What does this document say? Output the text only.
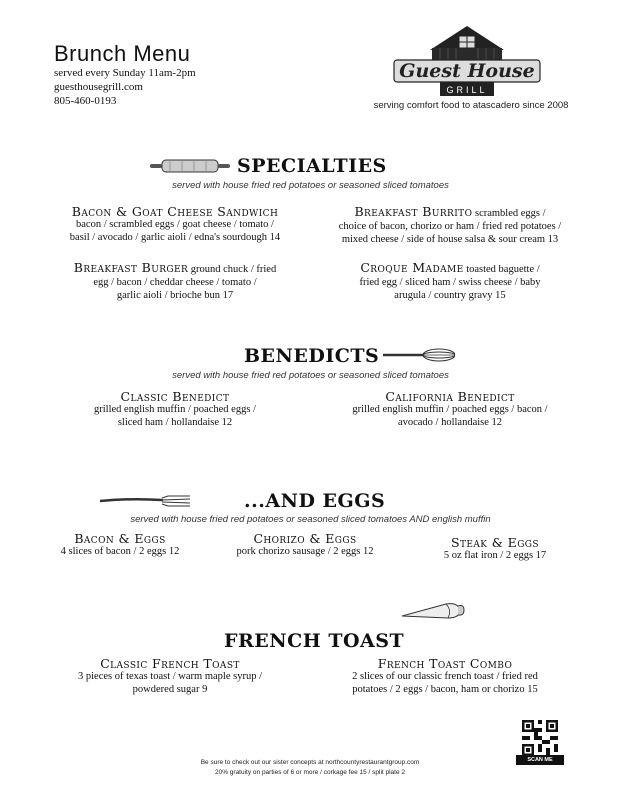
Brunch Menu
served every Sunday 11am-2pm
guesthousegrill.com
805-460-0193
Guest House
GRILL
serving comfort food to atascadero since 2008
SPECIALTIES
served with house fried red potatoes or seasoned sliced tomatoes
Bacon & Goat Cheese Sandwich
bacon / scrambled eggs / goat cheese / tomato /
basil / avocado / garlic aioli / edna's sourdough 14
Breakfast Burrito scrambled eggs /
choice of bacon, chorizo or ham / fried red potatoes /
mixed cheese / side of house salsa & sour cream 13
Breakfast Burger ground chuck / fried
egg / bacon / cheddar cheese / tomato /
garlic aioli / brioche bun 17
Croque Madame toasted baguette /
fried egg / sliced ham / swiss cheese / baby
arugula / country gravy 15
BENEDICTS
served with house fried red potatoes or seasoned sliced tomatoes
Classic Benedict
grilled english muffin / poached eggs /
sliced ham / hollandaise 12
California Benedict
grilled english muffin / poached eggs / bacon /
avocado / hollandaise 12
...AND EGGS
served with house fried red potatoes or seasoned sliced tomatoes AND english muffin
Bacon & Eggs
4 slices of bacon / 2 eggs 12
Chorizo & Eggs
pork chorizo sausage / 2 eggs 12
Steak & Eggs
5 oz flat iron / 2 eggs 17
FRENCH TOAST
Classic French Toast
3 pieces of texas toast / warm maple syrup /
powdered sugar 9
French Toast Combo
2 slices of our classic french toast / fried red
potatoes / 2 eggs / bacon, ham or chorizo 15
Be sure to check out our sister concepts at northcountyrestaurantgroup.com
20% gratuity on parties of 6 or more / corkage fee 15 / split plate 2
SCAN ME
